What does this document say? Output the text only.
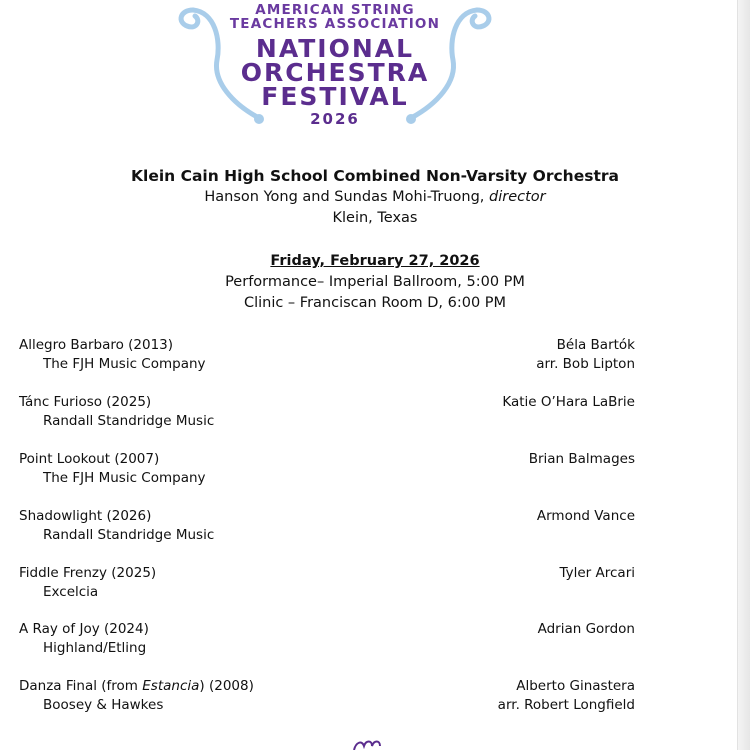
AMERICAN STRING
TEACHERS ASSOCIATION
NATIONAL
ORCHESTRA
FESTIVAL
2026
Klein Cain High School Combined Non-Varsity Orchestra
Hanson Yong and Sundas Mohi-Truong, director
Klein, Texas
Friday, February 27, 2026
Performance– Imperial Ballroom, 5:00 PM
Clinic – Franciscan Room D, 6:00 PM
Allegro Barbaro (2013)
The FJH Music Company
Béla Bartók
arr. Bob Lipton
Tánc Furioso (2025)
Randall Standridge Music
Katie O’Hara LaBrie
Point Lookout (2007)
The FJH Music Company
Brian Balmages
Shadowlight (2026)
Randall Standridge Music
Armond Vance
Fiddle Frenzy (2025)
Excelcia
Tyler Arcari
A Ray of Joy (2024)
Highland/Etling
Adrian Gordon
Danza Final (from Estancia) (2008)
Boosey & Hawkes
Alberto Ginastera
arr. Robert Longfield
